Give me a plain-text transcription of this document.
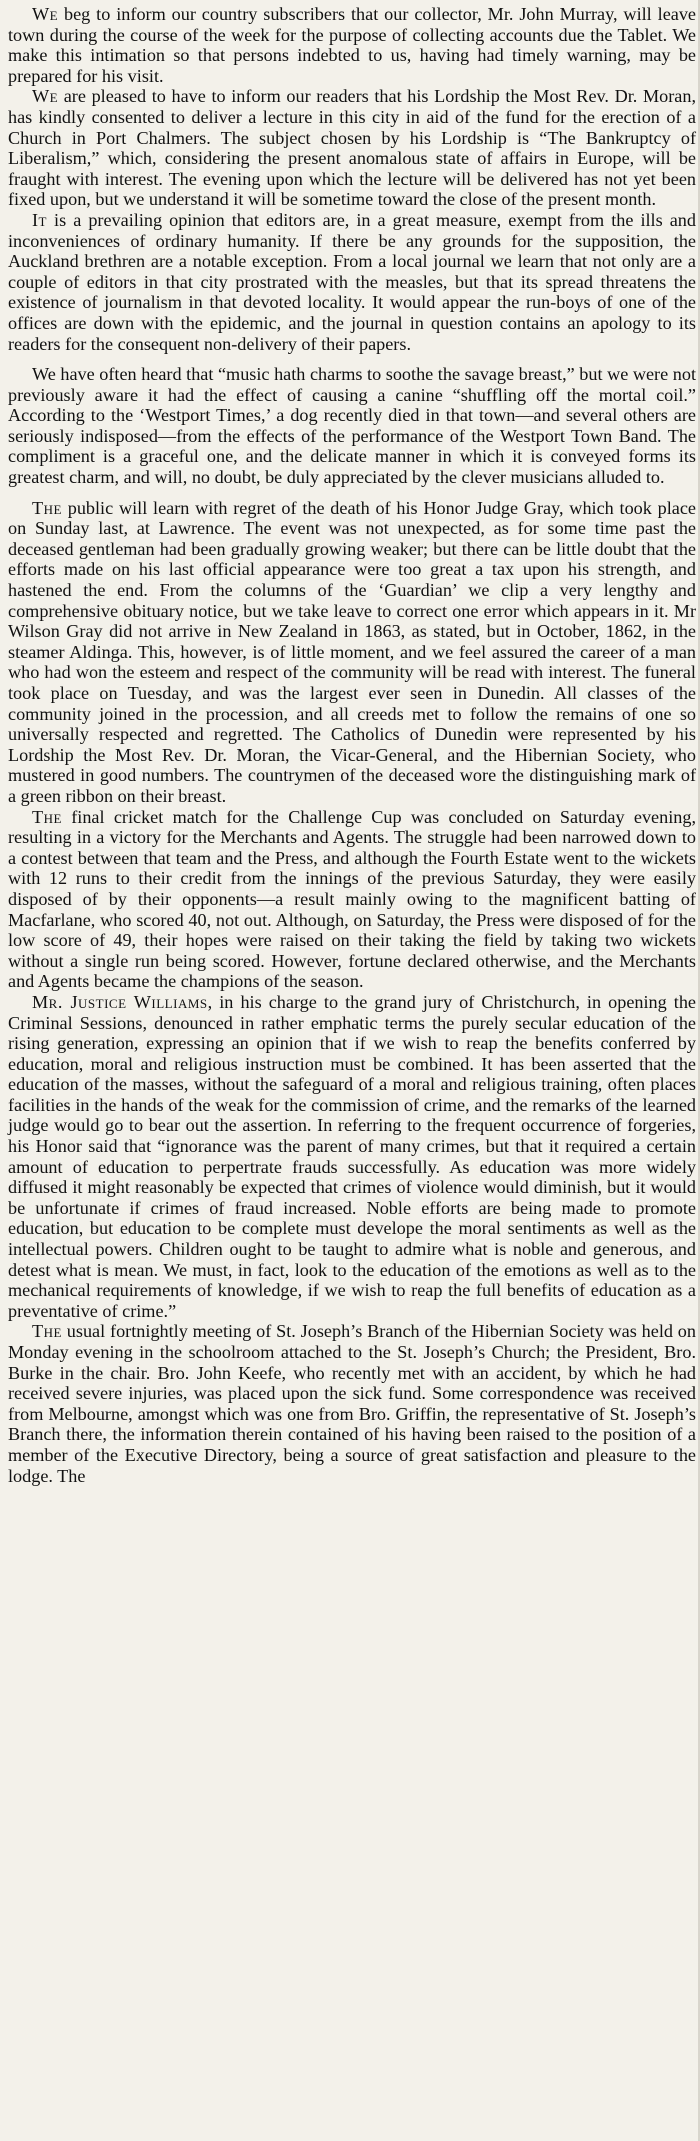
We beg to inform our country subscribers that our collector, Mr. John Murray, will leave town during the course of the week for the purpose of collecting accounts due the Tablet. We make this intimation so that persons indebted to us, having had timely warning, may be prepared for his visit.

We are pleased to have to inform our readers that his Lordship the Most Rev. Dr. Moran, has kindly consented to deliver a lecture in this city in aid of the fund for the erection of a Church in Port Chalmers. The subject chosen by his Lordship is “The Bankruptcy of Liberalism,” which, considering the present anomalous state of affairs in Europe, will be fraught with interest. The evening upon which the lecture will be delivered has not yet been fixed upon, but we understand it will be sometime toward the close of the present month.

It is a prevailing opinion that editors are, in a great measure, exempt from the ills and inconveniences of ordinary humanity. If there be any grounds for the supposition, the Auckland brethren are a notable exception. From a local journal we learn that not only are a couple of editors in that city prostrated with the measles, but that its spread threatens the existence of journalism in that devoted locality. It would appear the run-boys of one of the offices are down with the epidemic, and the journal in question contains an apology to its readers for the consequent non-delivery of their papers.

We have often heard that “music hath charms to soothe the savage breast,” but we were not previously aware it had the effect of causing a canine “shuffling off the mortal coil.” According to the ‘Westport Times,’ a dog recently died in that town—and several others are seriously indisposed—from the effects of the performance of the Westport Town Band. The compliment is a graceful one, and the delicate manner in which it is conveyed forms its greatest charm, and will, no doubt, be duly appreciated by the clever musicians alluded to.

The public will learn with regret of the death of his Honor Judge Gray, which took place on Sunday last, at Lawrence. The event was not unexpected, as for some time past the deceased gentleman had been gradually growing weaker; but there can be little doubt that the efforts made on his last official appearance were too great a tax upon his strength, and hastened the end. From the columns of the ‘Guardian’ we clip a very lengthy and comprehensive obituary notice, but we take leave to correct one error which appears in it. Mr Wilson Gray did not arrive in New Zealand in 1863, as stated, but in October, 1862, in the steamer Aldinga. This, however, is of little moment, and we feel assured the career of a man who had won the esteem and respect of the community will be read with interest. The funeral took place on Tuesday, and was the largest ever seen in Dunedin. All classes of the community joined in the procession, and all creeds met to follow the remains of one so universally respected and regretted. The Catholics of Dunedin were represented by his Lordship the Most Rev. Dr. Moran, the Vicar-General, and the Hibernian Society, who mustered in good numbers. The countrymen of the deceased wore the distinguishing mark of a green ribbon on their breast.

The final cricket match for the Challenge Cup was concluded on Saturday evening, resulting in a victory for the Merchants and Agents. The struggle had been narrowed down to a contest between that team and the Press, and although the Fourth Estate went to the wickets with 12 runs to their credit from the innings of the previous Saturday, they were easily disposed of by their opponents—a result mainly owing to the magnificent batting of Macfarlane, who scored 40, not out. Although, on Saturday, the Press were disposed of for the low score of 49, their hopes were raised on their taking the field by taking two wickets without a single run being scored. However, fortune declared otherwise, and the Merchants and Agents became the champions of the season.

Mr. Justice Williams, in his charge to the grand jury of Christchurch, in opening the Criminal Sessions, denounced in rather emphatic terms the purely secular education of the rising generation, expressing an opinion that if we wish to reap the benefits conferred by education, moral and religious instruction must be combined. It has been asserted that the education of the masses, without the safeguard of a moral and religious training, often places facilities in the hands of the weak for the commission of crime, and the remarks of the learned judge would go to bear out the assertion. In referring to the frequent occurrence of forgeries, his Honor said that “ignorance was the parent of many crimes, but that it required a certain amount of education to perpertrate frauds successfully. As education was more widely diffused it might reasonably be expected that crimes of violence would diminish, but it would be unfortunate if crimes of fraud increased. Noble efforts are being made to promote education, but education to be complete must develope the moral sentiments as well as the intellectual powers. Children ought to be taught to admire what is noble and generous, and detest what is mean. We must, in fact, look to the education of the emotions as well as to the mechanical requirements of knowledge, if we wish to reap the full benefits of education as a preventative of crime.”

The usual fortnightly meeting of St. Joseph’s Branch of the Hibernian Society was held on Monday evening in the schoolroom attached to the St. Joseph’s Church; the President, Bro. Burke in the chair. Bro. John Keefe, who recently met with an accident, by which he had received severe injuries, was placed upon the sick fund. Some correspondence was received from Melbourne, amongst which was one from Bro. Griffin, the representative of St. Joseph’s Branch there, the information therein contained of his having been raised to the position of a member of the Executive Directory, being a source of great satisfaction and pleasure to the lodge. The
